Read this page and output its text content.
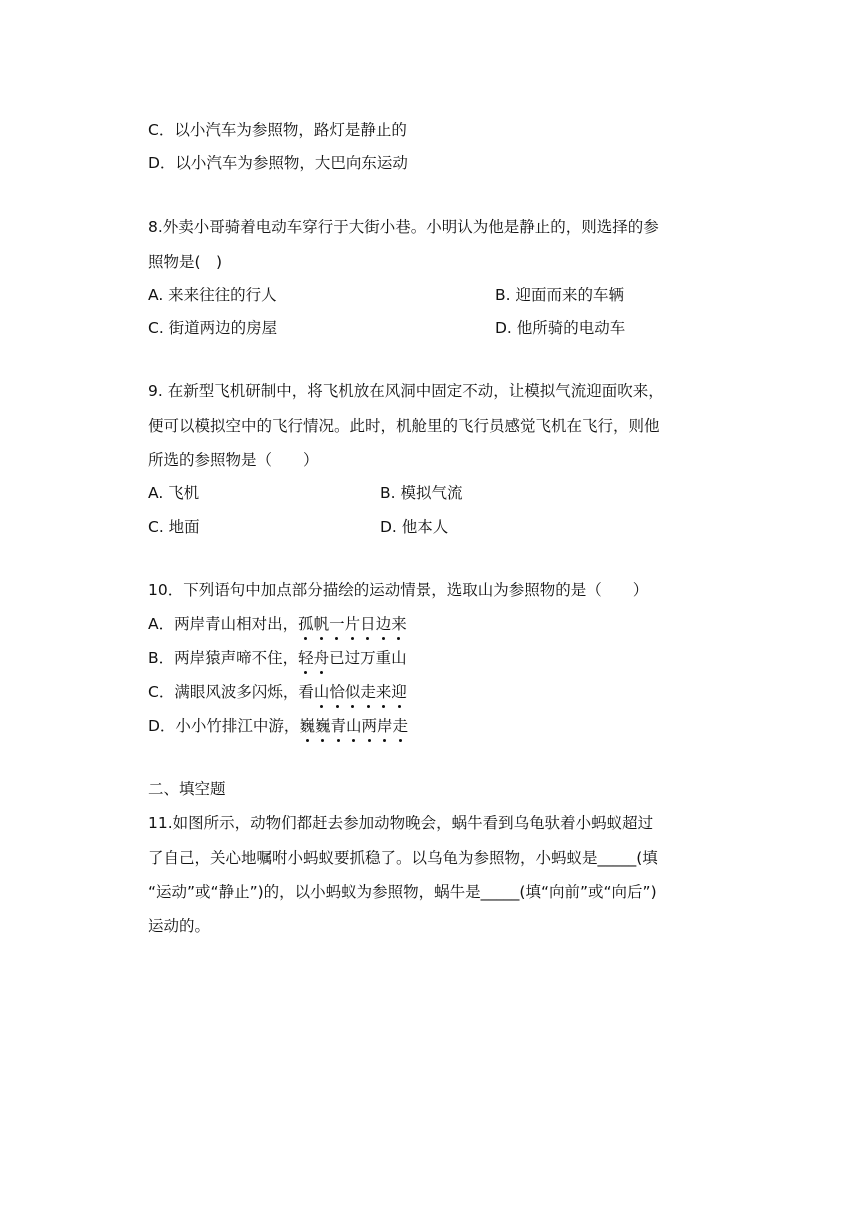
C．以小汽车为参照物，路灯是静止的
D．以小汽车为参照物，大巴向东运动
8.外卖小哥骑着电动车穿行于大街小巷。小明认为他是静止的，则选择的参
照物是(　)
A. 来来往往的行人	B. 迎面而来的车辆
C. 街道两边的房屋	D. 他所骑的电动车
9. 在新型飞机研制中，将飞机放在风洞中固定不动，让模拟气流迎面吹来，
便可以模拟空中的飞行情况。此时，机舱里的飞行员感觉飞机在飞行，则他
所选的参照物是（　　）
A. 飞机	B. 模拟气流
C. 地面	D. 他本人
10．下列语句中加点部分描绘的运动情景，选取山为参照物的是（　　）
A．两岸青山相对出，孤帆一片日边来
B．两岸猿声啼不住，轻舟已过万重山
C．满眼风波多闪烁，看山恰似走来迎
D．小小竹排江中游，巍巍青山两岸走
二、填空题
11.如图所示，动物们都赶去参加动物晚会，蜗牛看到乌龟驮着小蚂蚁超过
了自己，关心地嘱咐小蚂蚁要抓稳了。以乌龟为参照物，小蚂蚁是_____(填
“运动”或“静止”)的，以小蚂蚁为参照物，蜗牛是_____(填“向前”或“向后”)
运动的。
